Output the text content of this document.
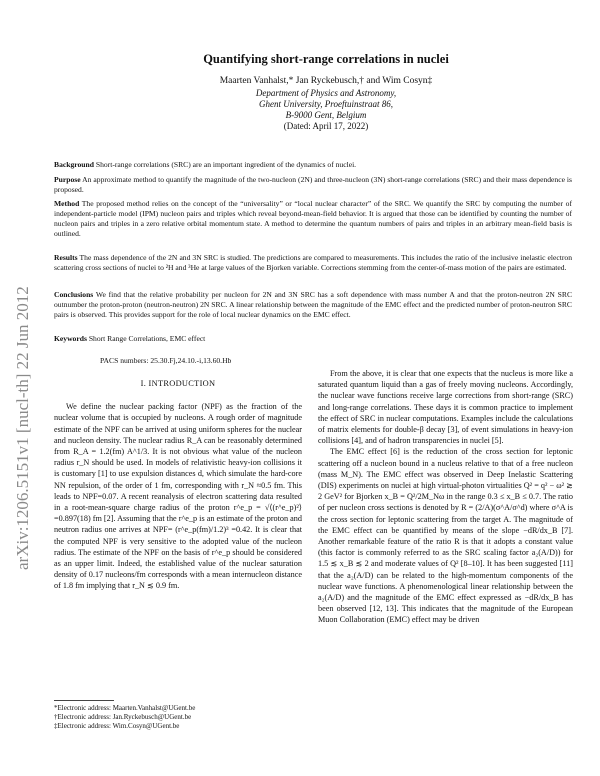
arXiv:1206.5151v1 [nucl-th] 22 Jun 2012
Quantifying short-range correlations in nuclei
Maarten Vanhalst,* Jan Ryckebusch,† and Wim Cosyn‡
Department of Physics and Astronomy,
Ghent University, Proeftuinstraat 86,
B-9000 Gent, Belgium
(Dated: April 17, 2022)
Background Short-range correlations (SRC) are an important ingredient of the dynamics of nuclei.
Purpose An approximate method to quantify the magnitude of the two-nucleon (2N) and three-nucleon (3N) short-range correlations (SRC) and their mass dependence is proposed.
Method The proposed method relies on the concept of the “universality” or “local nuclear character” of the SRC. We quantify the SRC by computing the number of independent-particle model (IPM) nucleon pairs and triples which reveal beyond-mean-field behavior. It is argued that those can be identified by counting the number of nucleon pairs and triples in a zero relative orbital momentum state. A method to determine the quantum numbers of pairs and triples in an arbitrary mean-field basis is outlined.
Results The mass dependence of the 2N and 3N SRC is studied. The predictions are compared to measurements. This includes the ratio of the inclusive inelastic electron scattering cross sections of nuclei to ²H and ³He at large values of the Bjorken variable. Corrections stemming from the center-of-mass motion of the pairs are estimated.
Conclusions We find that the relative probability per nucleon for 2N and 3N SRC has a soft dependence with mass number A and that the proton-neutron 2N SRC outnumber the proton-proton (neutron-neutron) 2N SRC. A linear relationship between the magnitude of the EMC effect and the predicted number of proton-neutron SRC pairs is observed. This provides support for the role of local nuclear dynamics on the EMC effect.
Keywords Short Range Correlations, EMC effect
PACS numbers: 25.30.Fj,24.10.-i,13.60.Hb
I. INTRODUCTION

We define the nuclear packing factor (NPF) as the fraction of the nuclear volume that is occupied by nucleons. A rough order of magnitude estimate of the NPF can be arrived at using uniform spheres for the nuclear and nucleon density. The nuclear radius R_A can be reasonably determined from R_A = 1.2(fm) A^1/3. It is not obvious what value of the nucleon radius r_N should be used. In models of relativistic heavy-ion collisions it is customary [1] to use expulsion distances d, which simulate the hard-core NN repulsion, of the order of 1 fm, corresponding with r_N ≈0.5 fm. This leads to NPF=0.07. A recent reanalysis of electron scattering data resulted in a root-mean-square charge radius of the proton r^e_p = √⟨(r^e_p)²⟩=0.897(18) fm [2]. Assuming that the r^e_p is an estimate of the proton and neutron radius one arrives at NPF= (r^e_p(fm)/1.2)³ =0.42. It is clear that the computed NPF is very sensitive to the adopted value of the nucleon radius. The estimate of the NPF on the basis of r^e_p should be considered as an upper limit. Indeed, the established value of the nuclear saturation density of 0.17 nucleons/fm corresponds with a mean internucleon distance of 1.8 fm implying that r_N ≲ 0.9 fm.

From the above, it is clear that one expects that the nucleus is more like a saturated quantum liquid than a gas of freely moving nucleons. Accordingly, the nuclear wave functions receive large corrections from short-range (SRC) and long-range correlations. These days it is common practice to implement the effect of SRC in nuclear computations. Examples include the calculations of matrix elements for double-β decay [3], of event simulations in heavy-ion collisions [4], and of hadron transparencies in nuclei [5].

The EMC effect [6] is the reduction of the cross section for leptonic scattering off a nucleon bound in a nucleus relative to that of a free nucleon (mass M_N). The EMC effect was observed in Deep Inelastic Scattering (DIS) experiments on nuclei at high virtual-photon virtualities Q² = q² − ω² ≳ 2 GeV² for Bjorken x_B = Q²/2M_Nω in the range 0.3 ≤ x_B ≤ 0.7. The ratio of per nucleon cross sections is denoted by R = (2/A)(σ^A/σ^d) where σ^A is the cross section for leptonic scattering from the target A. The magnitude of the EMC effect can be quantified by means of the slope −dR/dx_B [7]. Another remarkable feature of the ratio R is that it adopts a constant value (this factor is commonly referred to as the SRC scaling factor a₂(A/D)) for 1.5 ≲ x_B ≲ 2 and moderate values of Q² [8–10]. It has been suggested [11] that the a₂(A/D) can be related to the high-momentum components of the nuclear wave functions. A phenomenological linear relationship between the a₂(A/D) and the magnitude of the EMC effect expressed as −dR/dx_B has been observed [12, 13]. This indicates that the magnitude of the European Muon Collaboration (EMC) effect may be driven

*Electronic address: Maarten.Vanhalst@UGent.be
†Electronic address: Jan.Ryckebusch@UGent.be
‡Electronic address: Wim.Cosyn@UGent.be
